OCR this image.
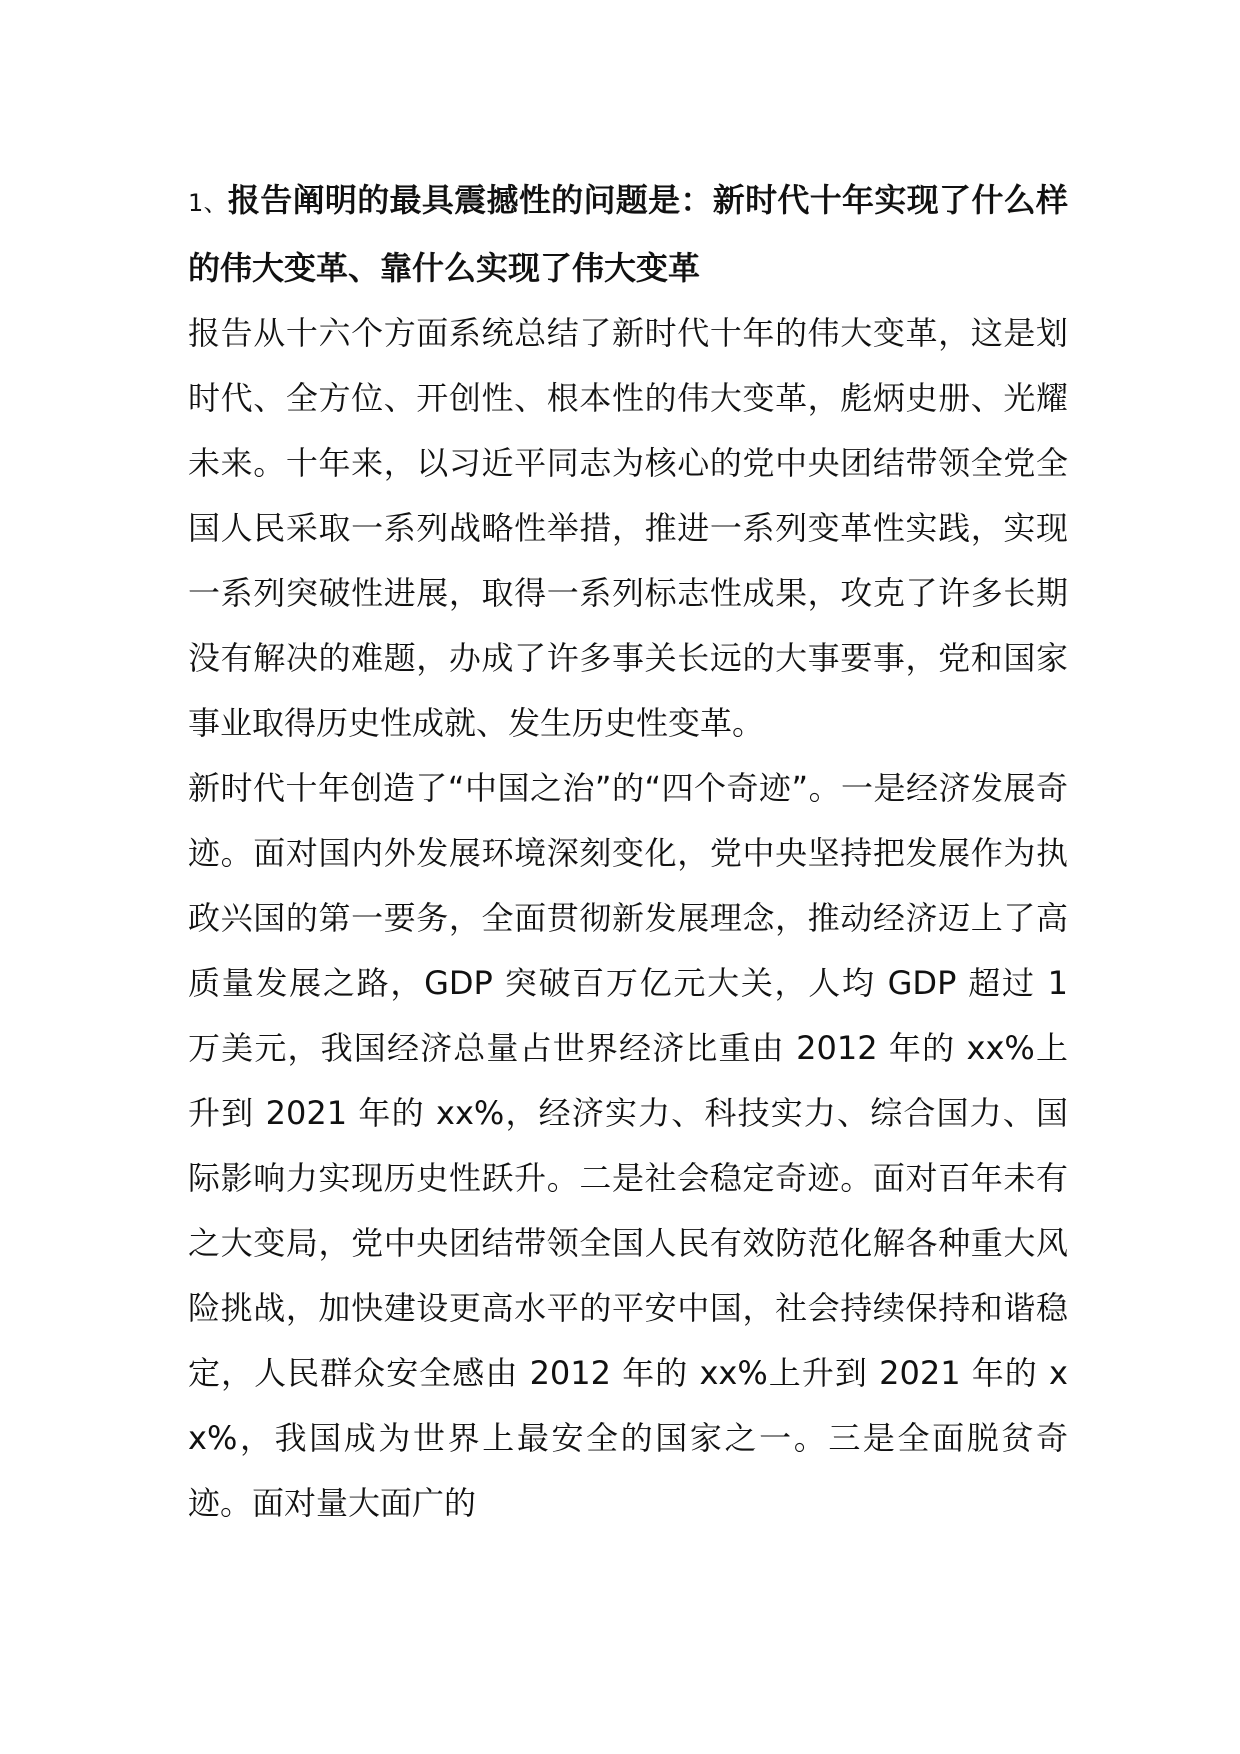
1、报告阐明的最具震撼性的问题是：新时代十年实现了什么样的伟大变革、靠什么实现了伟大变革

报告从十六个方面系统总结了新时代十年的伟大变革，这是划时代、全方位、开创性、根本性的伟大变革，彪炳史册、光耀未来。十年来，以习近平同志为核心的党中央团结带领全党全国人民采取一系列战略性举措，推进一系列变革性实践，实现一系列突破性进展，取得一系列标志性成果，攻克了许多长期没有解决的难题，办成了许多事关长远的大事要事，党和国家事业取得历史性成就、发生历史性变革。

新时代十年创造了“中国之治”的“四个奇迹”。一是经济发展奇迹。面对国内外发展环境深刻变化，党中央坚持把发展作为执政兴国的第一要务，全面贯彻新发展理念，推动经济迈上了高质量发展之路，GDP 突破百万亿元大关，人均 GDP 超过 1 万美元，我国经济总量占世界经济比重由 2012 年的 xx%上升到 2021 年的 xx%，经济实力、科技实力、综合国力、国际影响力实现历史性跃升。二是社会稳定奇迹。面对百年未有之大变局，党中央团结带领全国人民有效防范化解各种重大风险挑战，加快建设更高水平的平安中国，社会持续保持和谐稳定，人民群众安全感由 2012 年的 xx%上升到 2021 年的 xx%，我国成为世界上最安全的国家之一。三是全面脱贫奇迹。面对量大面广的
